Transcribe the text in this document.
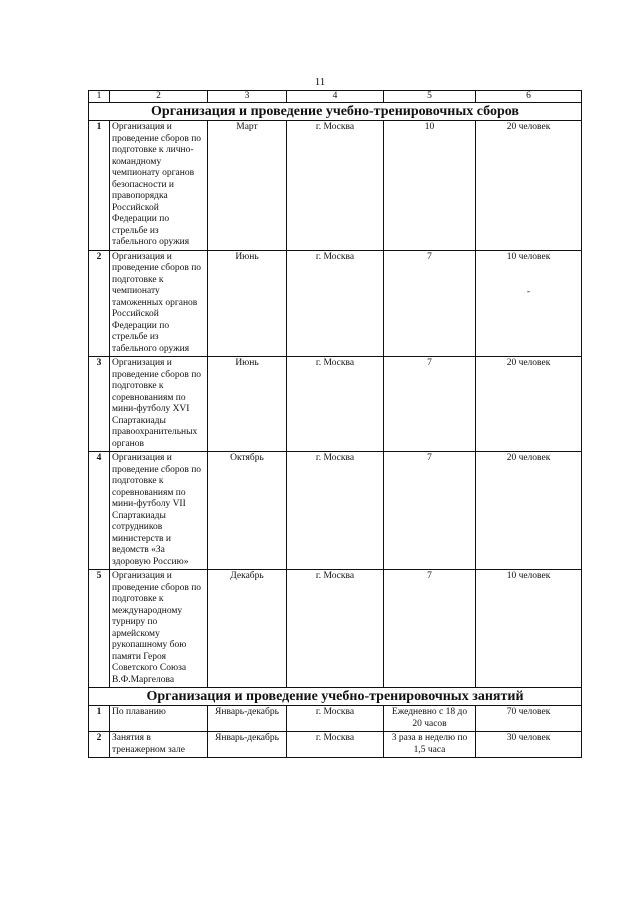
11
1	2	3	4	5	6
Организация и проведение учебно-тренировочных сборов					
1	Организация и проведение сборов по подготовке к лично-командному чемпионату органов безопасности и правопорядка Российской Федерации по стрельбе из табельного оружия	Март	г. Москва	10	20 человек
2	Организация и проведение сборов по подготовке к чемпионату таможенных органов Российской Федерации по стрельбе из табельного оружия	Июнь	г. Москва	7	10 человек
-

3	Организация и проведение сборов по подготовке к соревнованиям по мини-футболу XVI Спартакиады правоохранительных органов	Июнь	г. Москва	7	20 человек
4	Организация и проведение сборов по подготовке к соревнованиям по мини-футболу VII Спартакиады сотрудников министерств и ведомств «За здоровую Россию»	Октябрь	г. Москва	7	20 человек
5	Организация и проведение сборов по подготовке к международному турниру по армейскому рукопашному бою памяти Героя Советского Союза В.Ф.Маргелова	Декабрь	г. Москва	7	10 человек
Организация и проведение учебно-тренировочных занятий					
1	По плаванию	Январь-декабрь	г. Москва	Ежедневно с 18 до 20 часов	70 человек
2	Занятия в тренажерном зале	Январь-декабрь	г. Москва	3 раза в неделю по 1,5 часа	30 человек
